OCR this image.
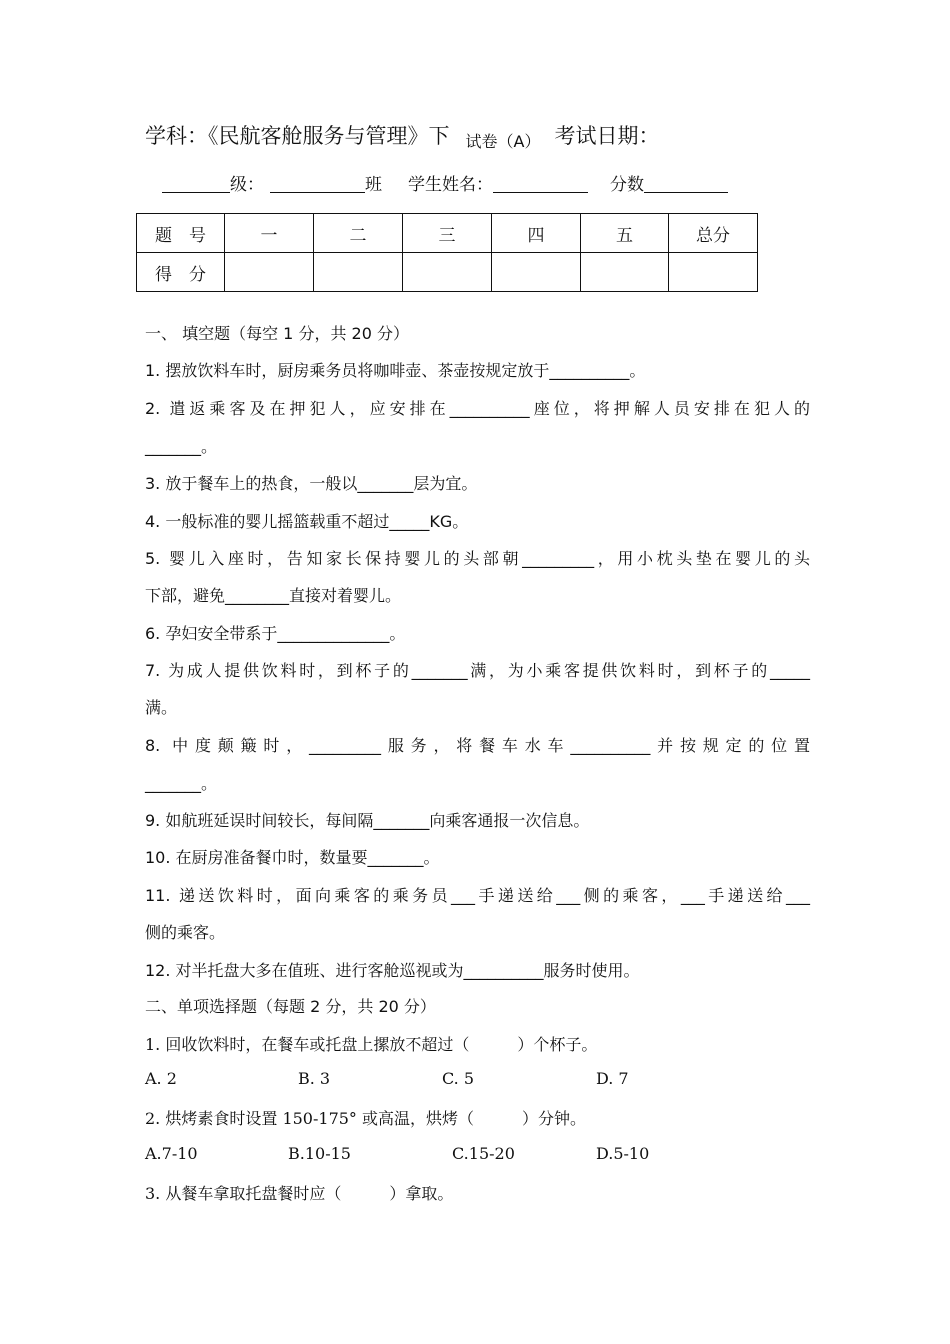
学科：《民航客舱服务与管理》下 试卷（A） 考试日期：
级：	班 学生姓名：	分数
题　号	一	二	三	四	五	总分
得　分						
一、 填空题（每空 1 分，共 20 分）
1. 摆放饮料车时，厨房乘务员将咖啡壶、茶壶按规定放于__________。
2. 遣返乘客及在押犯人，应安排在__________座位，将押解人员安排在犯人的
_______。
3. 放于餐车上的热食，一般以_______层为宜。
4. 一般标准的婴儿摇篮载重不超过_____KG。
5. 婴儿入座时，告知家长保持婴儿的头部朝_________，用小枕头垫在婴儿的头
下部，避免________直接对着婴儿。
6. 孕妇安全带系于______________。
7. 为成人提供饮料时，到杯子的_______满，为小乘客提供饮料时，到杯子的_____
满。
8. 中度颠簸时，_________服务，将餐车水车__________并按规定的位置
_______。
9. 如航班延误时间较长，每间隔_______向乘客通报一次信息。
10. 在厨房准备餐巾时，数量要_______。
11. 递送饮料时，面向乘客的乘务员___手递送给___侧的乘客，___手递送给___
侧的乘客。
12. 对半托盘大多在值班、进行客舱巡视或为__________服务时使用。
二、单项选择题（每题 2 分，共 20 分）
1. 回收饮料时，在餐车或托盘上摞放不超过（　　　）个杯子。
A. 2	B. 3	C. 5	D. 7
2. 烘烤素食时设置 150-175° 或高温，烘烤（　　　）分钟。
A.7-10	B.10-15	C.15-20	D.5-10
3. 从餐车拿取托盘餐时应（　　　）拿取。
